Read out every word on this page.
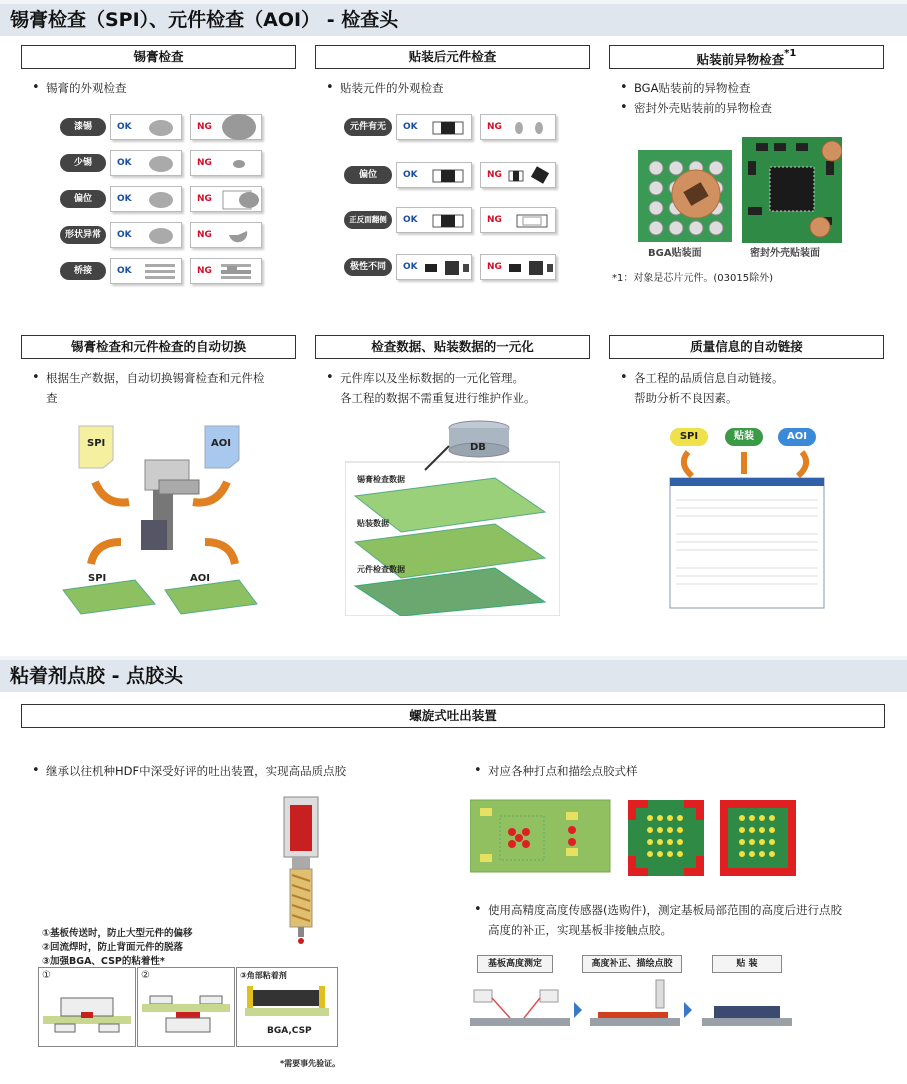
锡膏检查（SPI）、元件检查（AOI） - 检查头
锡膏检查	贴装后元件检查	贴装前异物检查$^{*1}$
• 锡膏的外观检查	• 贴装元件的外观检查	• BGA贴装前的异物检查
• 密封外壳贴装前的异物检查
漆锡	OK	NG
少锡	OK	NG
偏位	OK	NG
形状异常	OK	NG
桥接	OK	NG
元件有无	OK	NG
偏位	OK	NG
正反面翻侧	OK	NG
极性不同	OK	NG
BGA贴装面	密封外壳贴装面
*1：对象是芯片元件。(03015除外)
锡膏检查和元件检查的自动切换	检查数据、贴装数据的一元化	质量信息的自动链接
• 根据生产数据，自动切换锡膏检查和元件检
查
• 元件库以及坐标数据的一元化管理。
各工程的数据不需重复进行维护作业。
• 各工程的品质信息自动链接。
帮助分析不良因素。
SPI	AOI
SPI	AOI
DB
锡膏检查数据
贴装数据
元件检查数据
SPI	贴装	AOI
粘着剂点胶 - 点胶头
螺旋式吐出装置
• 继承以往机种HDF中深受好评的吐出装置，实现高品质点胶
①基板传送时，防止大型元件的偏移
②回流焊时，防止背面元件的脱落
③加强BGA、CSP的粘着性*
①	②	③角部粘着剂
BGA,CSP
*需要事先验证。
• 对应各种打点和描绘点胶式样
• 使用高精度高度传感器(选购件)，测定基板局部范围的高度后进行点胶
高度的补正，实现基板非接触点胶。
基板高度测定	高度补正、描绘点胶	贴 装
